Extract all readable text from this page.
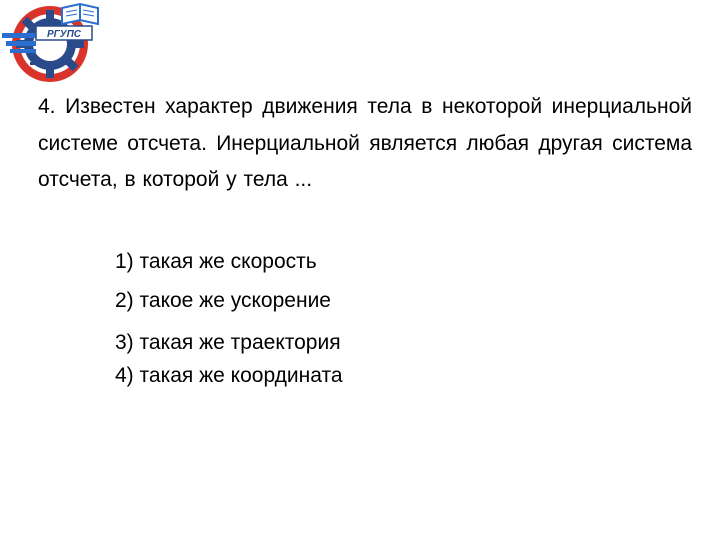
РГУПС

4. Известен характер движения тела в некоторой инерциальной системе отсчета. Инерциальной является любая другая система отсчета, в которой у тела ...

1) такая же скорость
2) такое же ускорение
3) такая же траектория
4) такая же координата
